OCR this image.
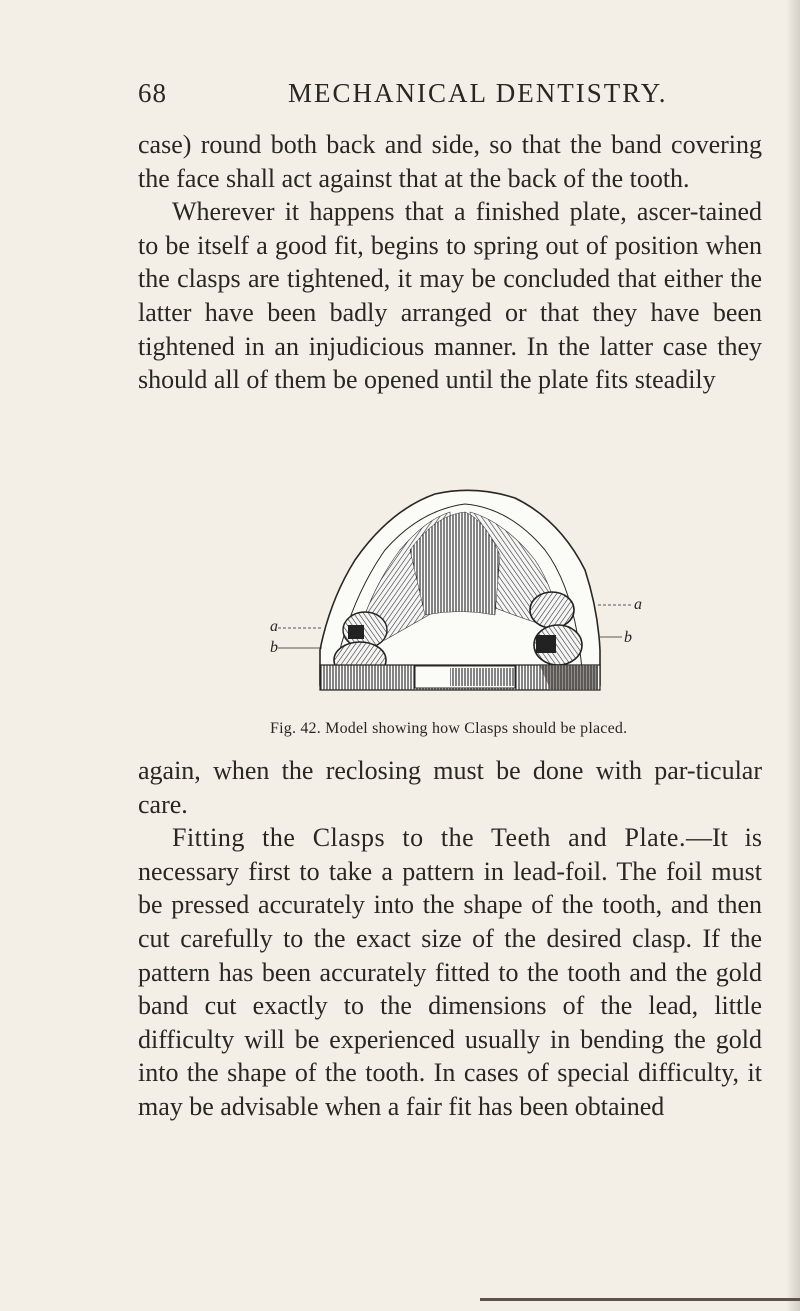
68	MECHANICAL DENTISTRY.

case) round both back and side, so that the band covering the face shall act against that at the back of the tooth.

Wherever it happens that a finished plate, ascer-tained to be itself a good fit, begins to spring out of position when the clasps are tightened, it may be concluded that either the latter have been badly arranged or that they have been tightened in an injudicious manner. In the latter case they should all of them be opened until the plate fits steadily

a
b
a
b
Fig. 42. Model showing how Clasps should be placed.

again, when the reclosing must be done with par-ticular care.

Fitting the Clasps to the Teeth and Plate.—It is necessary first to take a pattern in lead-foil. The foil must be pressed accurately into the shape of the tooth, and then cut carefully to the exact size of the desired clasp. If the pattern has been accurately fitted to the tooth and the gold band cut exactly to the dimensions of the lead, little difficulty will be experienced usually in bending the gold into the shape of the tooth. In cases of special difficulty, it may be advisable when a fair fit has been obtained
